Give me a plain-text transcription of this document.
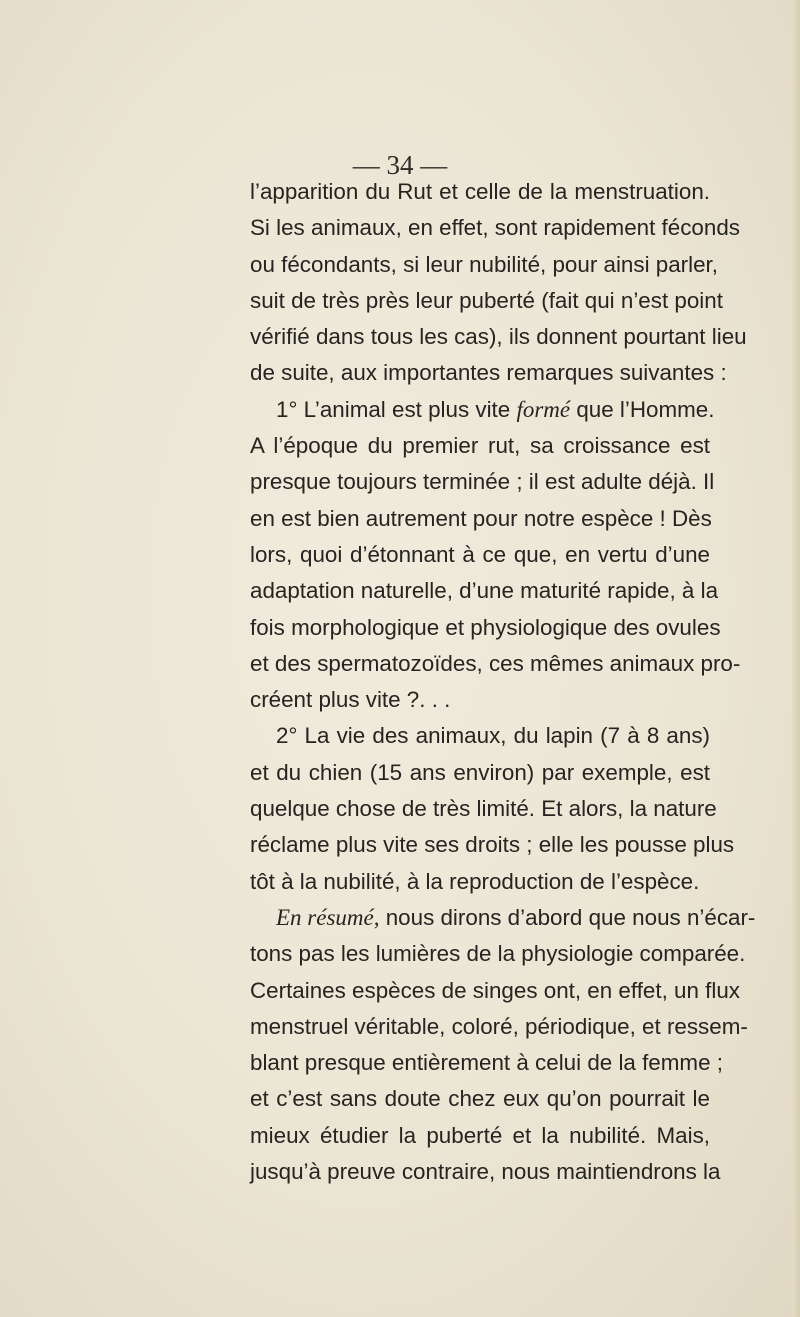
— 34 —

l’apparition du Rut et celle de la menstruation.
Si les animaux, en effet, sont rapidement féconds
ou fécondants, si leur nubilité, pour ainsi parler,
suit de très près leur puberté (fait qui n’est point
vérifié dans tous les cas), ils donnent pourtant lieu
de suite, aux importantes remarques suivantes :

1° L’animal est plus vite formé que l’Homme.
A l’époque du premier rut, sa croissance est
presque toujours terminée ; il est adulte déjà. Il
en est bien autrement pour notre espèce ! Dès
lors, quoi d’étonnant à ce que, en vertu d’une
adaptation naturelle, d’une maturité rapide, à la
fois morphologique et physiologique des ovules
et des spermatozoïdes, ces mêmes animaux pro-
créent plus vite ?. . .

2° La vie des animaux, du lapin (7 à 8 ans)
et du chien (15 ans environ) par exemple, est
quelque chose de très limité. Et alors, la nature
réclame plus vite ses droits ; elle les pousse plus
tôt à la nubilité, à la reproduction de l’espèce.

En résumé, nous dirons d’abord que nous n’écar-
tons pas les lumières de la physiologie comparée.
Certaines espèces de singes ont, en effet, un flux
menstruel véritable, coloré, périodique, et ressem-
blant presque entièrement à celui de la femme ;
et c’est sans doute chez eux qu’on pourrait le
mieux étudier la puberté et la nubilité. Mais,
jusqu’à preuve contraire, nous maintiendrons la
